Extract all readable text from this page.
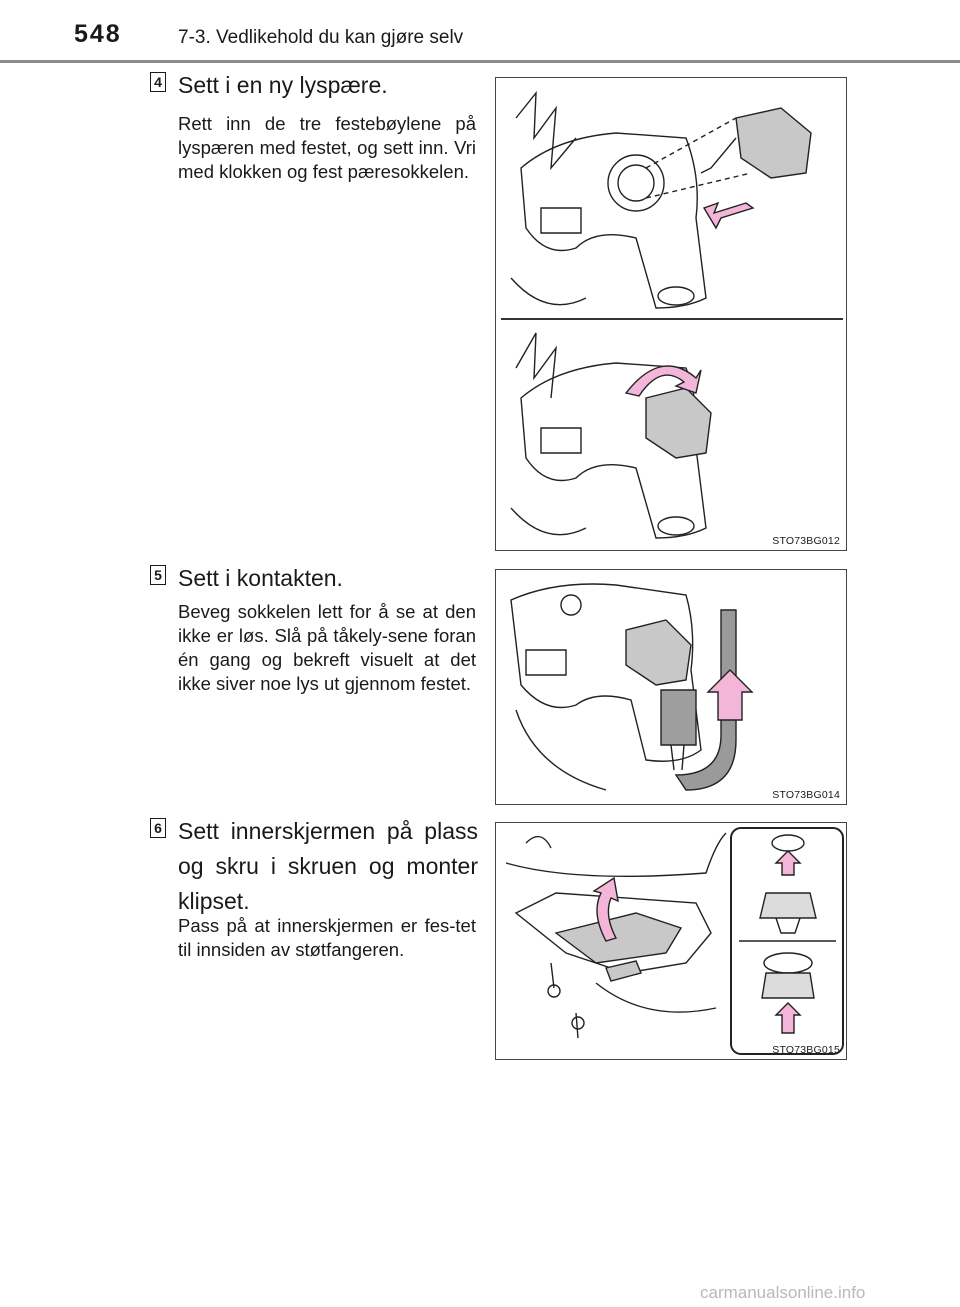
548	7-3. Vedlikehold du kan gjøre selv
4 Sett i en ny lyspære.
Rett inn de tre festebøylene på lyspæren med festet, og sett inn. Vri med klokken og fest pæresokkelen.
STO73BG012
5 Sett i kontakten.
Beveg sokkelen lett for å se at den ikke er løs. Slå på tåkely-sene foran én gang og bekreft visuelt at det ikke siver noe lys ut gjennom festet.
STO73BG014
6 Sett innerskjermen på plass og skru i skruen og monter klipset.
Pass på at innerskjermen er fes-tet til innsiden av støtfangeren.
STO73BG015
carmanualsonline.info
